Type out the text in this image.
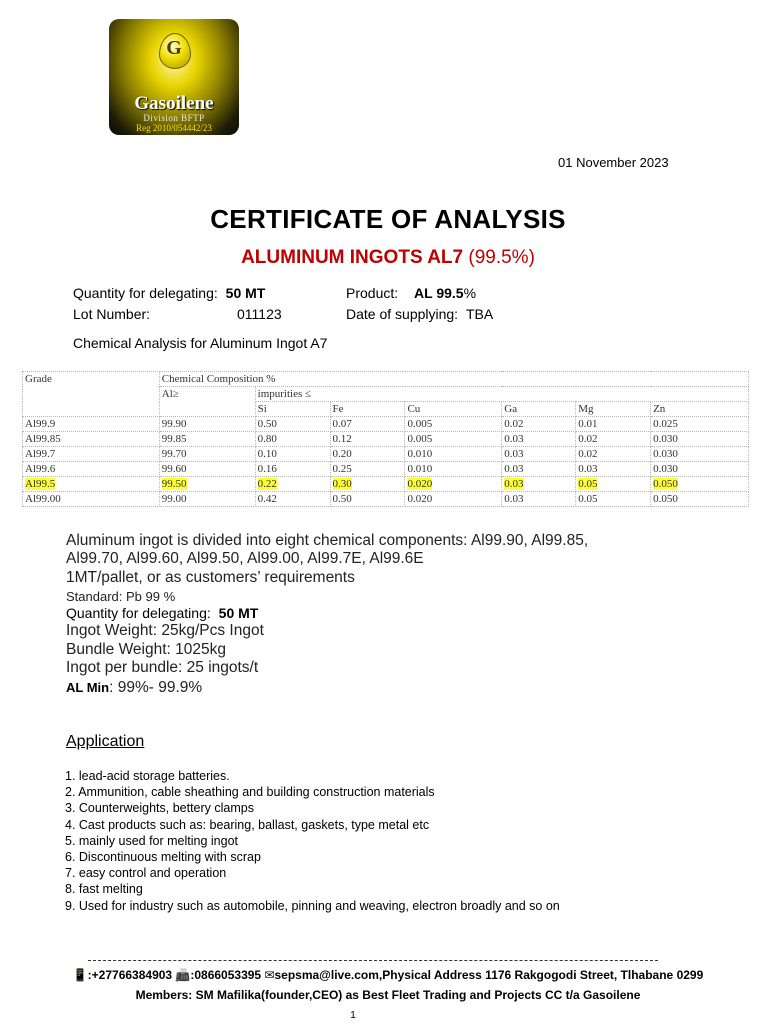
G
Gasoilene
Division BFTP
Reg 2010/054442/23
01 November 2023
CERTIFICATE OF ANALYSIS
ALUMINUM INGOTS AL7 (99.5%)
Quantity for delegating: 50 MT	Product: AL 99.5%
Lot Number:	011123	Date of supplying: TBA
Chemical Analysis for Aluminum Ingot A7
Grade	Chemical Composition %						
	Al≥	impurities ≤					
		Si	Fe	Cu	Ga	Mg	Zn
Al99.9	99.90	0.50	0.07	0.005	0.02	0.01	0.025
Al99.85	99.85	0.80	0.12	0.005	0.03	0.02	0.030
Al99.7	99.70	0.10	0.20	0.010	0.03	0.02	0.030
Al99.6	99.60	0.16	0.25	0.010	0.03	0.03	0.030
Al99.5	99.50	0.22	0.30	0.020	0.03	0.05	0.050
Al99.00	99.00	0.42	0.50	0.020	0.03	0.05	0.050
Aluminum ingot is divided into eight chemical components: Al99.90, Al99.85,
Al99.70, Al99.60, Al99.50, Al99.00, Al99.7E, Al99.6E
1MT/pallet, or as customers’ requirements
Standard: Pb 99 %
Quantity for delegating: 50 MT
Ingot Weight: 25kg/Pcs Ingot
Bundle Weight: 1025kg
Ingot per bundle: 25 ingots/t
AL Min: 99%- 99.9%
Application
1. lead-acid storage batteries.
2. Ammunition, cable sheathing and building construction materials
3. Counterweights, bettery clamps
4. Cast products such as: bearing, ballast, gaskets, type metal etc
5. mainly used for melting ingot
6. Discontinuous melting with scrap
7. easy control and operation
8. fast melting
9. Used for industry such as automobile, pinning and weaving, electron broadly and so on
📱:+27766384903 📠:0866053395 ✉sepsma@live.com,Physical Address 1176 Rakgogodi Street, Tlhabane 0299
Members: SM Mafilika(founder,CEO) as Best Fleet Trading and Projects CC t/a Gasoilene
1
